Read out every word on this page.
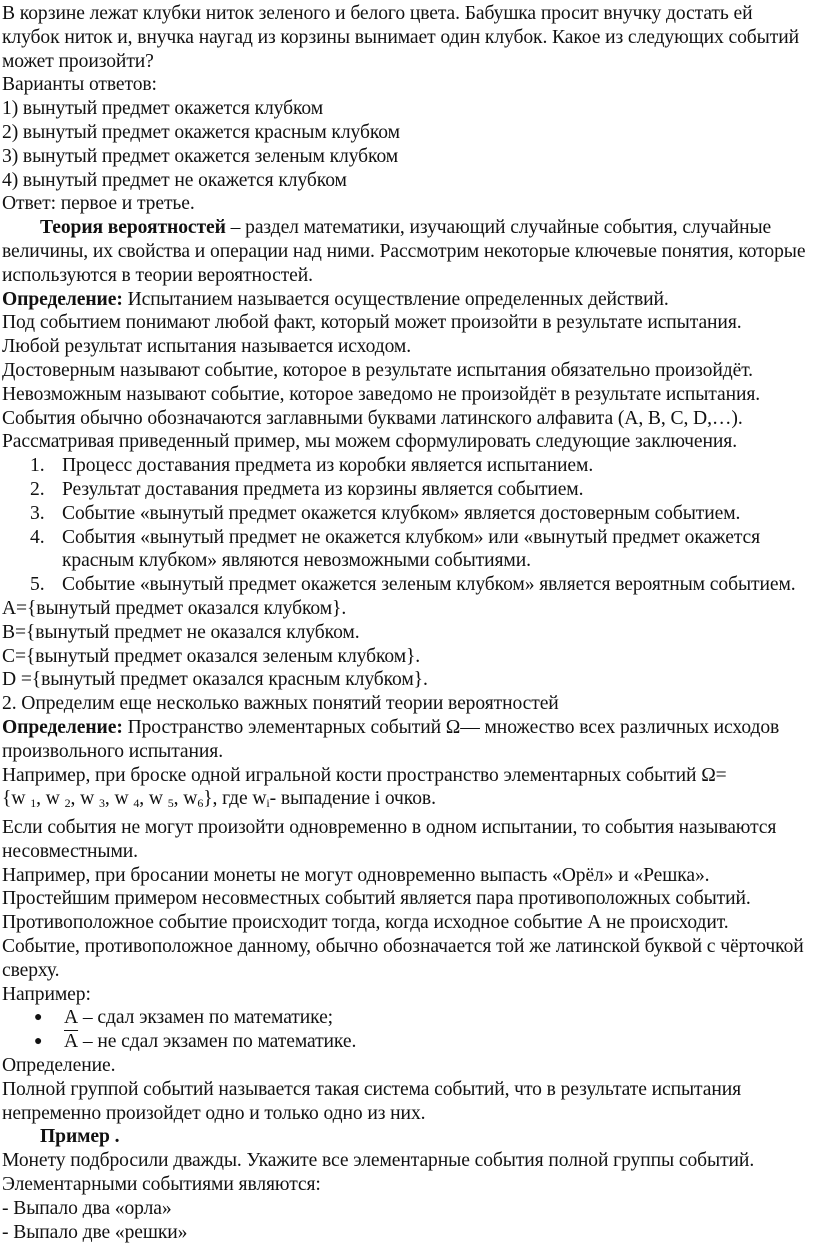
В корзине лежат клубки ниток зеленого и белого цвета. Бабушка просит внучку достать ей клубок ниток и, внучка наугад из корзины вынимает один клубок. Какое из следующих событий может произойти?

Варианты ответов:

1) вынутый предмет окажется клубком

2) вынутый предмет окажется красным клубком

3) вынутый предмет окажется зеленым клубком

4) вынутый предмет не окажется клубком

Ответ: первое и третье.

Теория вероятностей – раздел математики, изучающий случайные события, случайные величины, их свойства и операции над ними. Рассмотрим некоторые ключевые понятия, которые используются в теории вероятностей.

Определение: Испытанием называется осуществление определенных действий.

Под событием понимают любой факт, который может произойти в результате испытания.

Любой результат испытания называется исходом.

Достоверным называют событие, которое в результате испытания обязательно произойдёт.

Невозможным называют событие, которое заведомо не произойдёт в результате испытания.

События обычно обозначаются заглавными буквами латинского алфавита (А, В, С, D,…).

Рассматривая приведенный пример, мы можем сформулировать следующие заключения.

1. Процесс доставания предмета из коробки является испытанием.
2. Результат доставания предмета из корзины является событием.
3. Событие «вынутый предмет окажется клубком» является достоверным событием.
4. События «вынутый предмет не окажется клубком» или «вынутый предмет окажется красным клубком» являются невозможными событиями.
5. Событие «вынутый предмет окажется зеленым клубком» является вероятным событием.

А={вынутый предмет оказался клубком}.

В={вынутый предмет не оказался клубком.

С={вынутый предмет оказался зеленым клубком}.

D ={вынутый предмет оказался красным клубком}.

2. Определим еще несколько важных понятий теории вероятностей

Определение: Пространство элементарных событий Ω— множество всех различных исходов произвольного испытания.

Например, при броске одной игральной кости пространство элементарных событий Ω=

{w $_1$, w $_2$, w $_3$, w $_4$, w $_5$, $w_6$}, где $w_i-$ выпадение i очков.

Если события не могут произойти одновременно в одном испытании, то события называются несовместными.

Например, при бросании монеты не могут одновременно выпасть «Орёл» и «Решка».

Простейшим примером несовместных событий является пара противоположных событий.

Противоположное событие происходит тогда, когда исходное событие А не происходит.

Событие, противоположное данному, обычно обозначается той же латинской буквой с чёрточкой сверху.

Например:

● А – сдал экзамен по математике;
● А – не сдал экзамен по математике.

Определение.

Полной группой событий называется такая система событий, что в результате испытания непременно произойдет одно и только одно из них.

Пример .

Монету подбросили дважды. Укажите все элементарные события полной группы событий.

Элементарными событиями являются:

- Выпало два «орла»

- Выпало две «решки»
